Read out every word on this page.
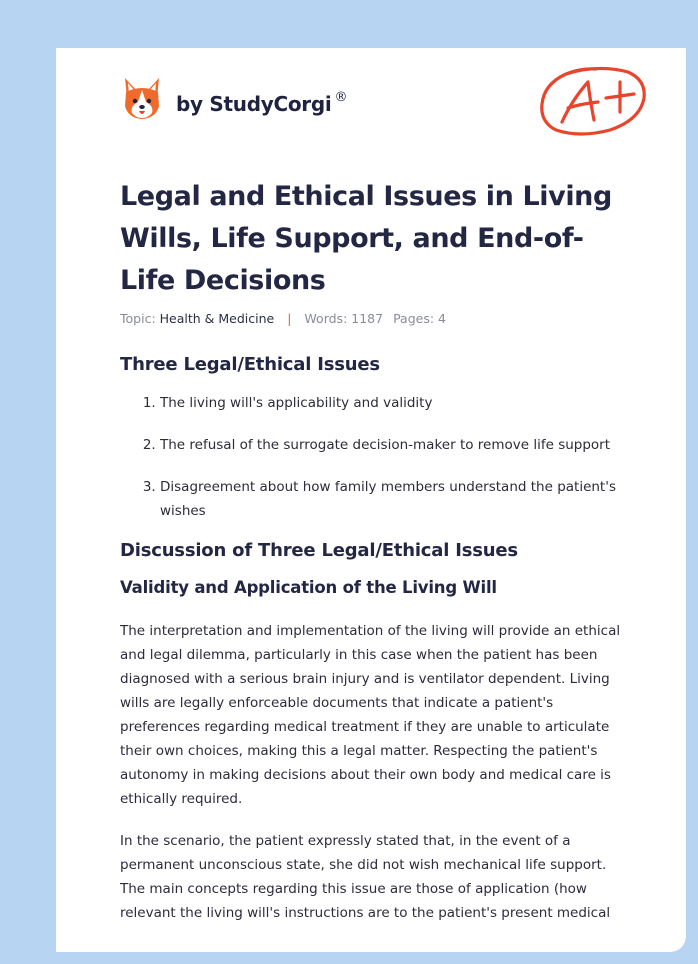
by StudyCorgi ®
Legal and Ethical Issues in Living Wills, Life Support, and End-of-Life Decisions
Topic: Health & Medicine | Words: 1187 Pages: 4
Three Legal/Ethical Issues
1. The living will's applicability and validity
2. The refusal of the surrogate decision-maker to remove life support
3. Disagreement about how family members understand the patient's wishes
Discussion of Three Legal/Ethical Issues
Validity and Application of the Living Will

The interpretation and implementation of the living will provide an ethical and legal dilemma, particularly in this case when the patient has been diagnosed with a serious brain injury and is ventilator dependent. Living wills are legally enforceable documents that indicate a patient's preferences regarding medical treatment if they are unable to articulate their own choices, making this a legal matter. Respecting the patient's autonomy in making decisions about their own body and medical care is ethically required.

In the scenario, the patient expressly stated that, in the event of a permanent unconscious state, she did not wish mechanical life support. The main concepts regarding this issue are those of application (how relevant the living will's instructions are to the patient's present medical
